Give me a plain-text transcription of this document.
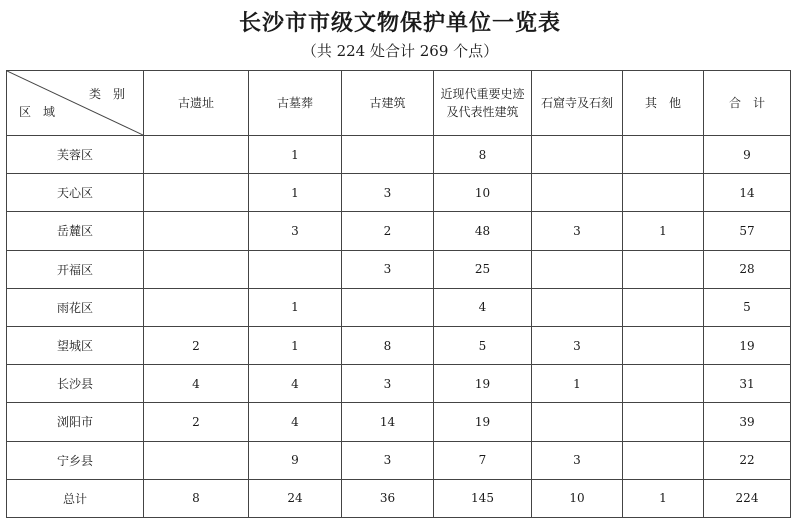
长沙市市级文物保护单位一览表
（共 224 处合计 269 个点）
类　别
区　域	古遗址	古墓葬	古建筑	近现代重要史迹
及代表性建筑	石窟寺及石刻	其　他	合　计
芙蓉区		1		8			9
天心区		1	3	10			14
岳麓区		3	2	48	3	1	57
开福区			3	25			28
雨花区		1		4			5
望城区	2	1	8	5	3		19
长沙县	4	4	3	19	1		31
浏阳市	2	4	14	19			39
宁乡县		9	3	7	3		22
总计	8	24	36	145	10	1	224
